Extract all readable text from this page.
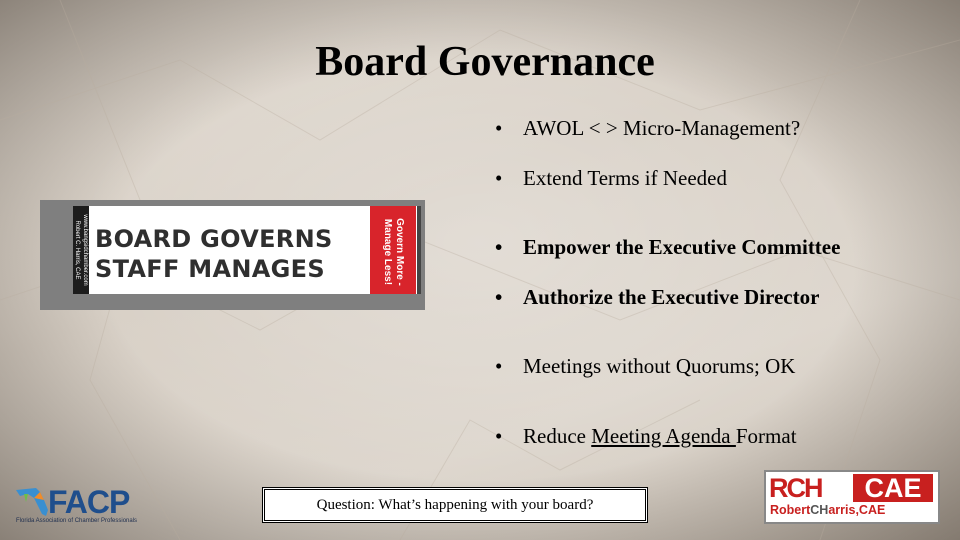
Board Governance
• AWOL < > Micro-Management?
• Extend Terms if Needed
• Empower the Executive Committee
• Authorize the Executive Director
• Meetings without Quorums; OK
• Reduce Meeting Agenda Format
www.bangsidchamber.com Robert C. Harris, CAE BOARD GOVERNS
STAFF MANAGES	Govern More - Manage Less!
Question: What’s happening with your board?
FACP
Florida Association of Chamber Professionals
RCH	CAE
RobertCHarris,CAE
